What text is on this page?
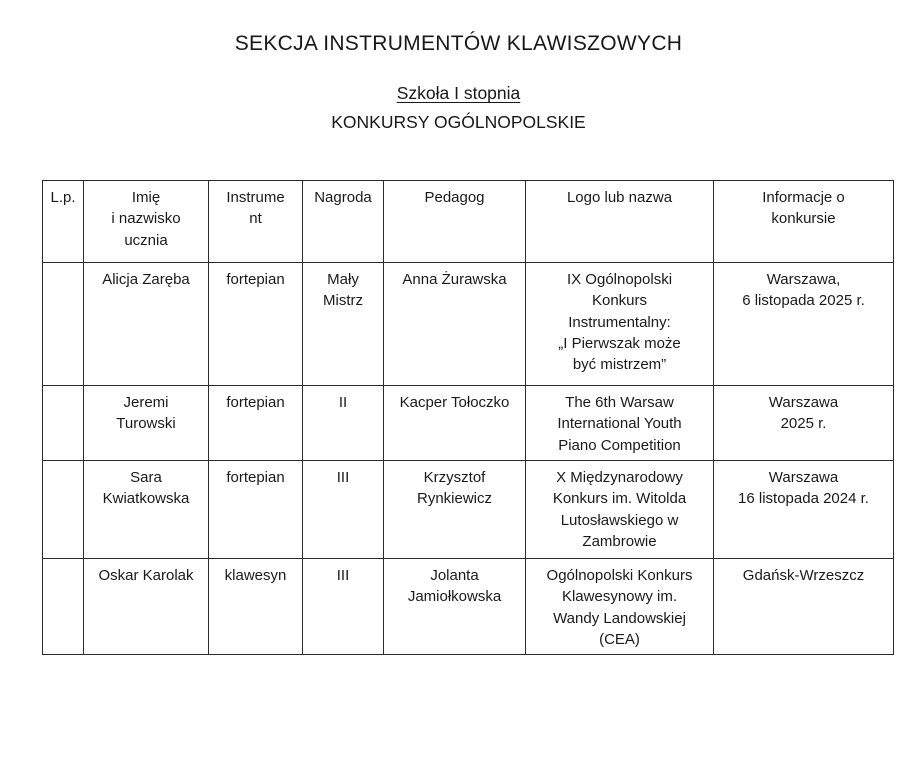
SEKCJA INSTRUMENTÓW KLAWISZOWYCH
Szkoła I stopnia
KONKURSY OGÓLNOPOLSKIE
L.p.	Imię
i nazwisko
ucznia	Instrume
nt	Nagroda	Pedagog	Logo lub nazwa	Informacje o
konkursie

	Alicja Zaręba	fortepian	Mały
Mistrz	Anna Żurawska	IX Ogólnopolski
Konkurs
Instrumentalny:
„I Pierwszak może
być mistrzem”	Warszawa,
6 listopada 2025 r.

	Jeremi
Turowski	fortepian	II	Kacper Tołoczko	The 6th Warsaw
International Youth
Piano Competition	Warszawa
2025 r.

	Sara
Kwiatkowska	fortepian	III	Krzysztof
Rynkiewicz	X Międzynarodowy
Konkurs im. Witolda
Lutosławskiego w
Zambrowie	Warszawa
16 listopada 2024 r.

	Oskar Karolak	klawesyn	III	Jolanta
Jamiołkowska	Ogólnopolski Konkurs
Klawesynowy im.
Wandy Landowskiej
(CEA)	Gdańsk-Wrzeszcz
